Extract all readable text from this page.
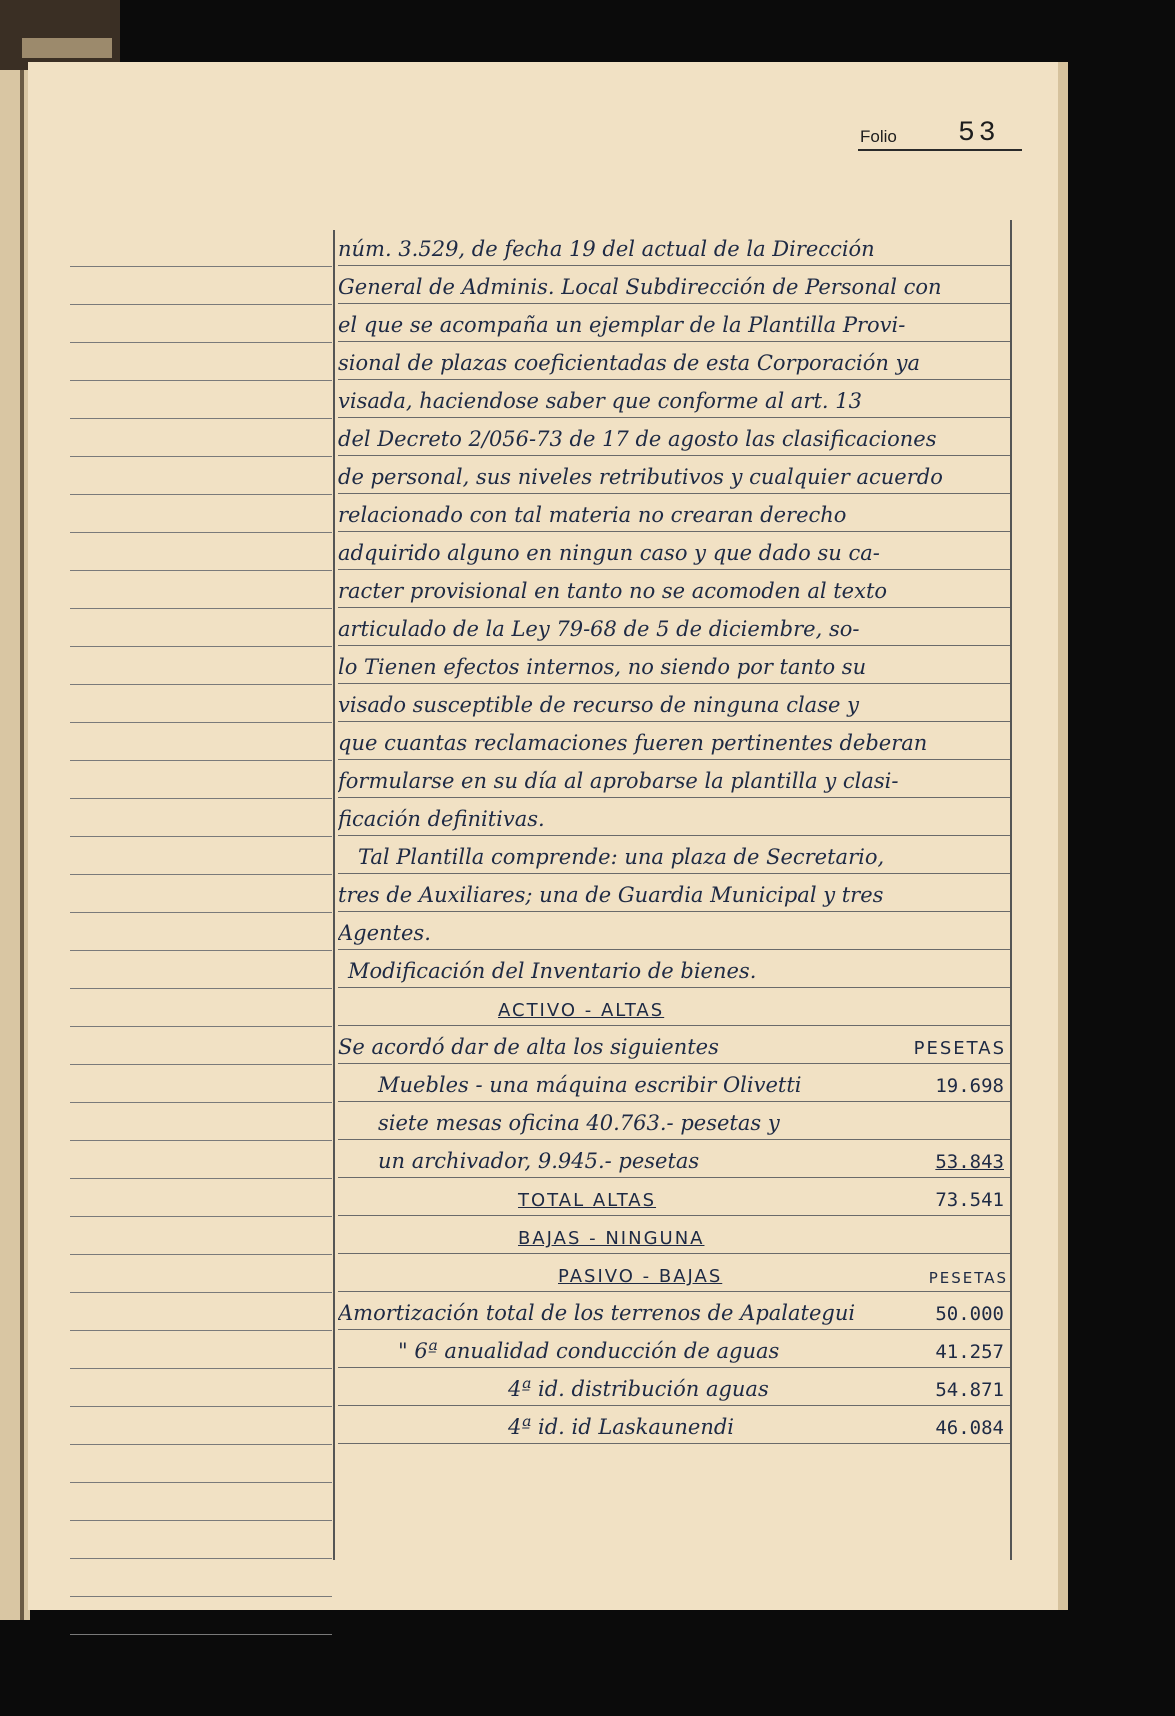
Folio 53
núm. 3.529, de fecha 19 del actual de la Dirección
General de Adminis. Local Subdirección de Personal con
el que se acompaña un ejemplar de la Plantilla Provi-
sional de plazas coeficientadas de esta Corporación ya
visada, haciendose saber que conforme al art. 13
del Decreto 2/056-73 de 17 de agosto las clasificaciones
de personal, sus niveles retributivos y cualquier acuerdo
relacionado con tal materia no crearan derecho
adquirido alguno en ningun caso y que dado su ca-
racter provisional en tanto no se acomoden al texto
articulado de la Ley 79-68 de 5 de diciembre, so-
lo Tienen efectos internos, no siendo por tanto su
visado susceptible de recurso de ninguna clase y
que cuantas reclamaciones fueren pertinentes deberan
formularse en su día al aprobarse la plantilla y clasi-
ficación definitivas.
Tal Plantilla comprende: una plaza de Secretario,
tres de Auxiliares; una de Guardia Municipal y tres
Agentes.
Modificación del Inventario de bienes.
ACTIVO - ALTAS
Se acordó dar de alta los siguientes	PESETAS
Muebles - una máquina escribir Olivetti	19.698
siete mesas oficina 40.763.- pesetas y
un archivador, 9.945.- pesetas	53.843
TOTAL ALTAS	73.541
BAJAS - NINGUNA
PASIVO - BAJAS	PESETAS
Amortización total de los terrenos de Apalategui	50.000
" 6ª anualidad conducción de aguas	41.257
4ª id. distribución aguas	54.871
4ª id. id Laskaunendi	46.084
